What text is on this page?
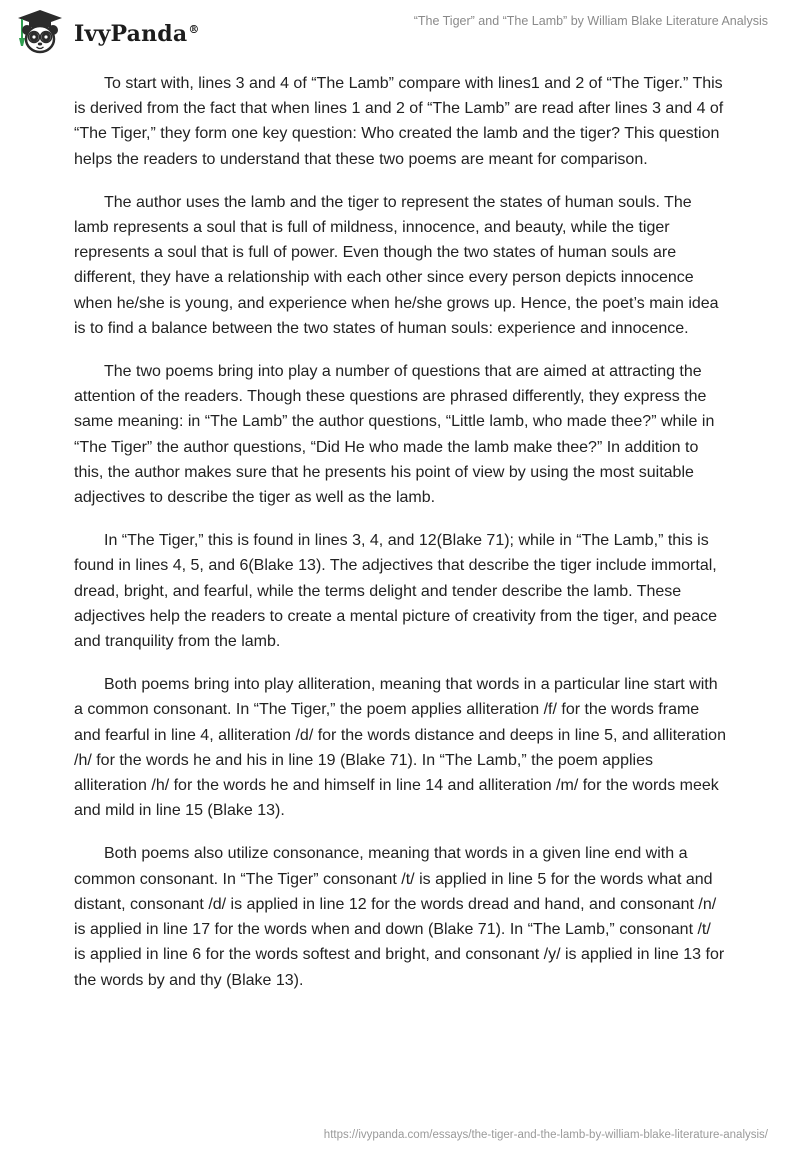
IvyPanda®
“The Tiger” and “The Lamb” by William Blake Literature Analysis

To start with, lines 3 and 4 of “The Lamb” compare with lines1 and 2 of “The Tiger.” This is derived from the fact that when lines 1 and 2 of “The Lamb” are read after lines 3 and 4 of “The Tiger,” they form one key question: Who created the lamb and the tiger? This question helps the readers to understand that these two poems are meant for comparison.

The author uses the lamb and the tiger to represent the states of human souls. The lamb represents a soul that is full of mildness, innocence, and beauty, while the tiger represents a soul that is full of power. Even though the two states of human souls are different, they have a relationship with each other since every person depicts innocence when he/she is young, and experience when he/she grows up. Hence, the poet’s main idea is to find a balance between the two states of human souls: experience and innocence.

The two poems bring into play a number of questions that are aimed at attracting the attention of the readers. Though these questions are phrased differently, they express the same meaning: in “The Lamb” the author questions, “Little lamb, who made thee?” while in “The Tiger” the author questions, “Did He who made the lamb make thee?” In addition to this, the author makes sure that he presents his point of view by using the most suitable adjectives to describe the tiger as well as the lamb.

In “The Tiger,” this is found in lines 3, 4, and 12(Blake 71); while in “The Lamb,” this is found in lines 4, 5, and 6(Blake 13). The adjectives that describe the tiger include immortal, dread, bright, and fearful, while the terms delight and tender describe the lamb. These adjectives help the readers to create a mental picture of creativity from the tiger, and peace and tranquility from the lamb.

Both poems bring into play alliteration, meaning that words in a particular line start with a common consonant. In “The Tiger,” the poem applies alliteration /f/ for the words frame and fearful in line 4, alliteration /d/ for the words distance and deeps in line 5, and alliteration /h/ for the words he and his in line 19 (Blake 71). In “The Lamb,” the poem applies alliteration /h/ for the words he and himself in line 14 and alliteration /m/ for the words meek and mild in line 15 (Blake 13).

Both poems also utilize consonance, meaning that words in a given line end with a common consonant. In “The Tiger” consonant /t/ is applied in line 5 for the words what and distant, consonant /d/ is applied in line 12 for the words dread and hand, and consonant /n/ is applied in line 17 for the words when and down (Blake 71). In “The Lamb,” consonant /t/ is applied in line 6 for the words softest and bright, and consonant /y/ is applied in line 13 for the words by and thy (Blake 13).

https://ivypanda.com/essays/the-tiger-and-the-lamb-by-william-blake-literature-analysis/
